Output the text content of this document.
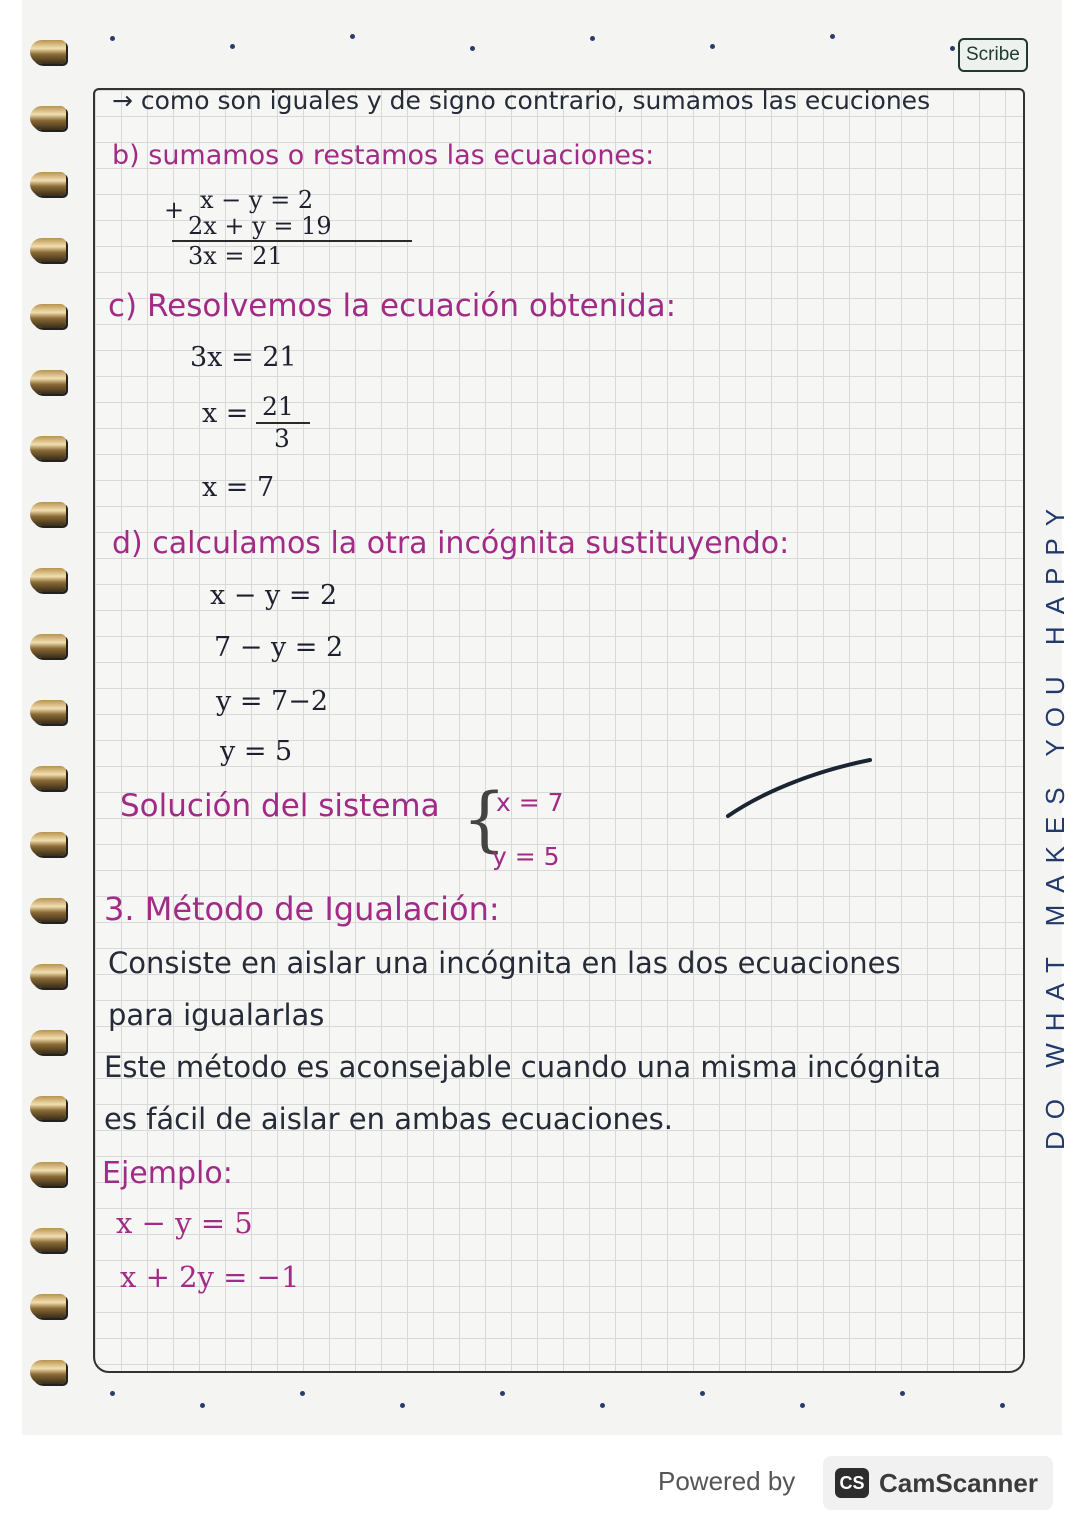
Scribe
DO WHAT MAKES YOU HAPPY
→ como son iguales y de signo contrario, sumamos las ecuciones
b) sumamos o restamos las ecuaciones:
+ x − y = 2
2x + y = 19
3x = 21
c) Resolvemos la ecuación obtenida:
3x = 21
x = 21
3
x = 7
d) calculamos la otra incógnita sustituyendo:
x − y = 2
7 − y = 2
y = 7−2
y = 5
Solución del sistema {
x = 7
y = 5
3. Método de Igualación:
Consiste en aislar una incógnita en las dos ecuaciones
para igualarlas
Este método es aconsejable cuando una misma incógnita
es fácil de aislar en ambas ecuaciones.
Ejemplo:
x − y = 5
x + 2y = −1
Powered by CS CamScanner
